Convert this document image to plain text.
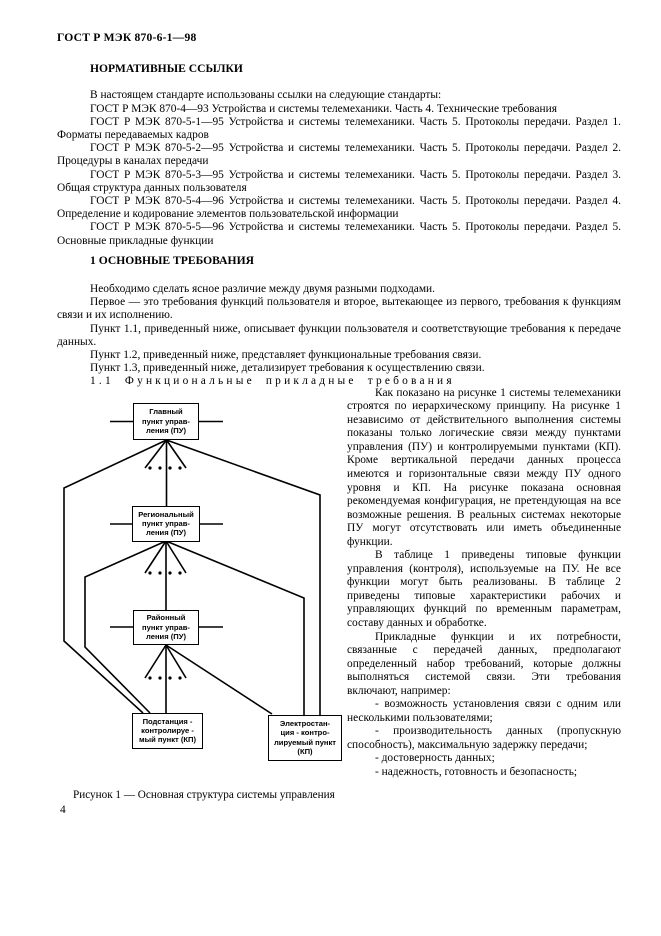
ГОСТ Р МЭК 870-6-1—98
НОРМАТИВНЫЕ ССЫЛКИ

В настоящем стандарте использованы ссылки на следующие стандарты:

ГОСТ Р МЭК 870-4—93 Устройства и системы телемеханики. Часть 4. Технические требования

ГОСТ Р МЭК 870-5-1—95 Устройства и системы телемеханики. Часть 5. Протоколы передачи. Раздел 1. Форматы передаваемых кадров

ГОСТ Р МЭК 870-5-2—95 Устройства и системы телемеханики. Часть 5. Протоколы передачи. Раздел 2. Процедуры в каналах передачи

ГОСТ Р МЭК 870-5-3—95 Устройства и системы телемеханики. Часть 5. Протоколы передачи. Раздел 3. Общая структура данных пользователя

ГОСТ Р МЭК 870-5-4—96 Устройства и системы телемеханики. Часть 5. Протоколы передачи. Раздел 4. Определение и кодирование элементов пользовательской информации

ГОСТ Р МЭК 870-5-5—96 Устройства и системы телемеханики. Часть 5. Протоколы передачи. Раздел 5. Основные прикладные функции

1 ОСНОВНЫЕ ТРЕБОВАНИЯ

Необходимо сделать ясное различие между двумя разными подходами.

Первое — это требования функций пользователя и второе, вытекающее из первого, требования к функциям связи и их исполнению.

Пункт 1.1, приведенный ниже, описывает функции пользователя и соответствующие требования к передаче данных.

Пункт 1.2, приведенный ниже, представляет функциональные требования связи.

Пункт 1.3, приведенный ниже, детализирует требования к осуществлению связи.

1.1 Функциональные прикладные требования

Главный
пункт управ-
ления (ПУ)
Региональный
пункт управ-
ления (ПУ)
Районный
пункт управ-
ления (ПУ)
Подстанция -
контролируе -
мый пункт (КП)
Электростан-
ция - контро-
лируемый пункт
(КП)
Рисунок 1 — Основная структура системы управления

Как показано на рисунке 1 системы телемеханики строятся по иерархическому принципу. На рисунке 1 независимо от действительного выполнения системы показаны только логические связи между пунктами управления (ПУ) и контролируемыми пунктами (КП). Кроме вертикальной передачи данных процесса имеются и горизонтальные связи между ПУ одного уровня и КП. На рисунке показана основная рекомендуемая конфигурация, не претендующая на все возможные решения. В реальных системах некоторые ПУ могут отсутствовать или иметь объединенные функции.

В таблице 1 приведены типовые функции управления (контроля), используемые на ПУ. Не все функции могут быть реализованы. В таблице 2 приведены типовые характеристики рабочих и управляющих функций по временным параметрам, составу данных и обработке.

Прикладные функции и их потребности, связанные с передачей данных, предполагают определенный набор требований, которые должны выполняться системой связи. Эти требования включают, например:

- возможность установления связи с одним или несколькими пользователями;

- производительность данных (пропускную способность), максимальную задержку передачи;

- достоверность данных;

- надежность, готовность и безопасность;

4
